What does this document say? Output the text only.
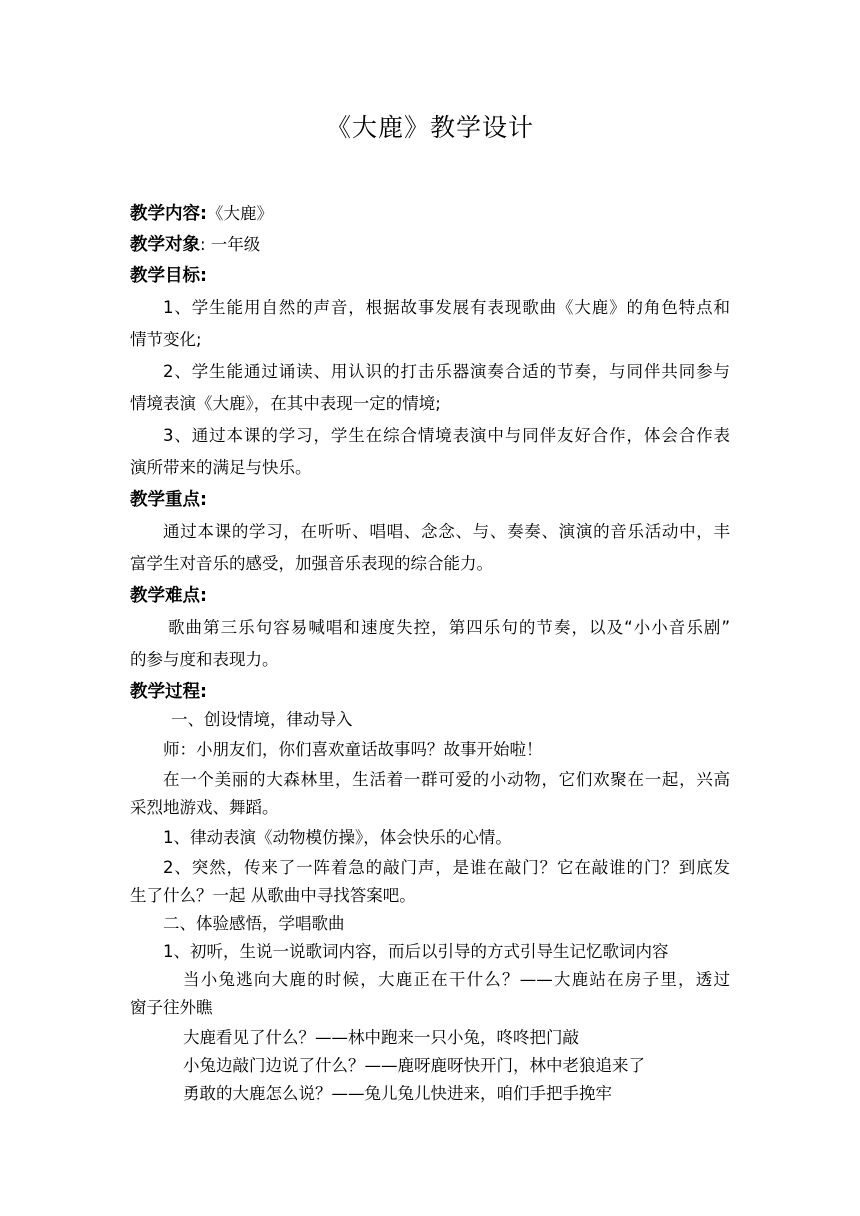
《大鹿》教学设计
教学内容:《大鹿》
教学对象: 一年级
教学目标:
1、学生能用自然的声音，根据故事发展有表现歌曲《大鹿》的角色特点和
情节变化;
2、学生能通过诵读、用认识的打击乐器演奏合适的节奏，与同伴共同参与
情境表演《大鹿》，在其中表现一定的情境;
3、通过本课的学习，学生在综合情境表演中与同伴友好合作，体会合作表
演所带来的满足与快乐。
教学重点:
通过本课的学习，在听听、唱唱、念念、与、奏奏、演演的音乐活动中，丰
富学生对音乐的感受，加强音乐表现的综合能力。
教学难点:
歌曲第三乐句容易喊唱和速度失控，第四乐句的节奏，以及“小小音乐剧”
的参与度和表现力。
教学过程:
一、创设情境，律动导入
师：小朋友们，你们喜欢童话故事吗？故事开始啦！
在一个美丽的大森林里，生活着一群可爱的小动物，它们欢聚在一起，兴高
采烈地游戏、舞蹈。
1、律动表演《动物模仿操》，体会快乐的心情。
2、突然，传来了一阵着急的敲门声，是谁在敲门？它在敲谁的门？到底发
生了什么？一起 从歌曲中寻找答案吧。
二、体验感悟，学唱歌曲
1、初听，生说一说歌词内容，而后以引导的方式引导生记忆歌词内容
当小兔逃向大鹿的时候，大鹿正在干什么？——大鹿站在房子里，透过
窗子往外瞧
大鹿看见了什么？——林中跑来一只小兔，咚咚把门敲
小兔边敲门边说了什么？——鹿呀鹿呀快开门，林中老狼追来了
勇敢的大鹿怎么说？——兔儿兔儿快进来，咱们手把手挽牢
